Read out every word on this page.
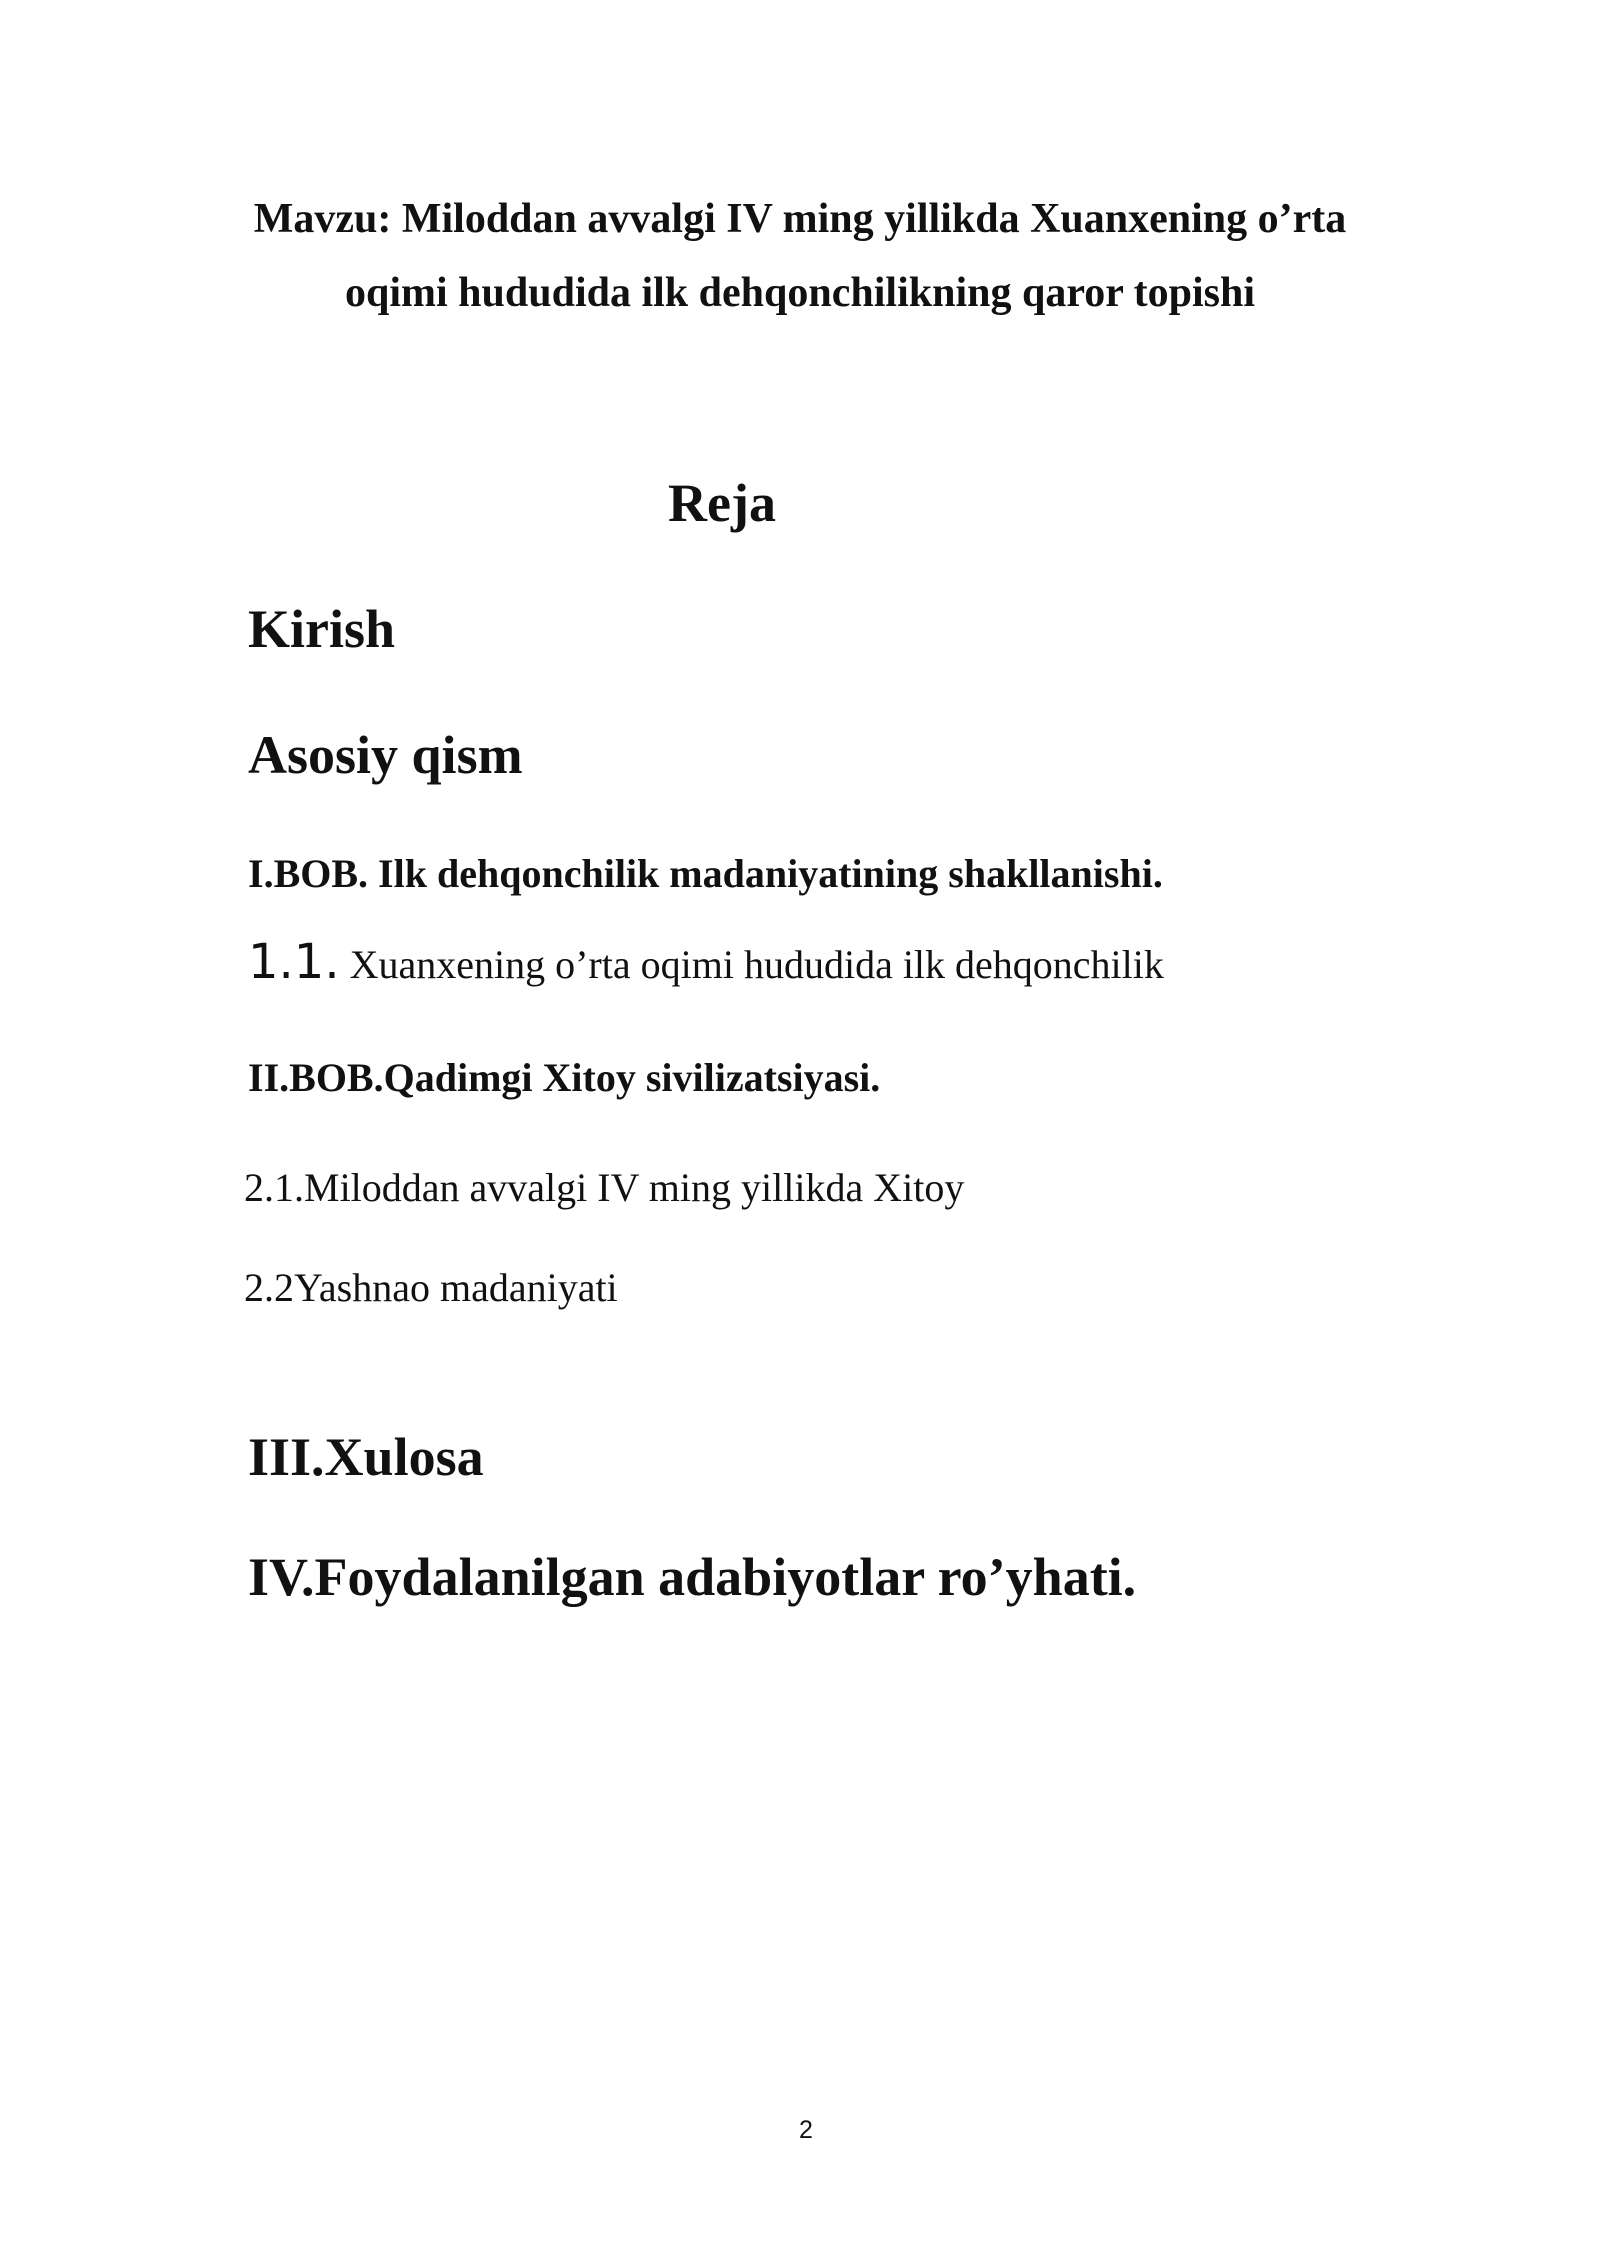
Mavzu: Miloddan avvalgi IV ming yillikda Xuanxening o’rta

oqimi hududida ilk dehqonchilikning qaror topishi

Reja
Kirish
Asosiy qism
I.BOB. Ilk dehqonchilik madaniyatining shakllanishi.

1.1. Xuanxening o’rta oqimi hududida ilk dehqonchilik

II.BOB.Qadimgi Xitoy sivilizatsiyasi.

2.1.Miloddan avvalgi IV ming yillikda Xitoy

2.2Yashnao madaniyati

III.Xulosa
IV.Foydalanilgan adabiyotlar ro’yhati.
2
